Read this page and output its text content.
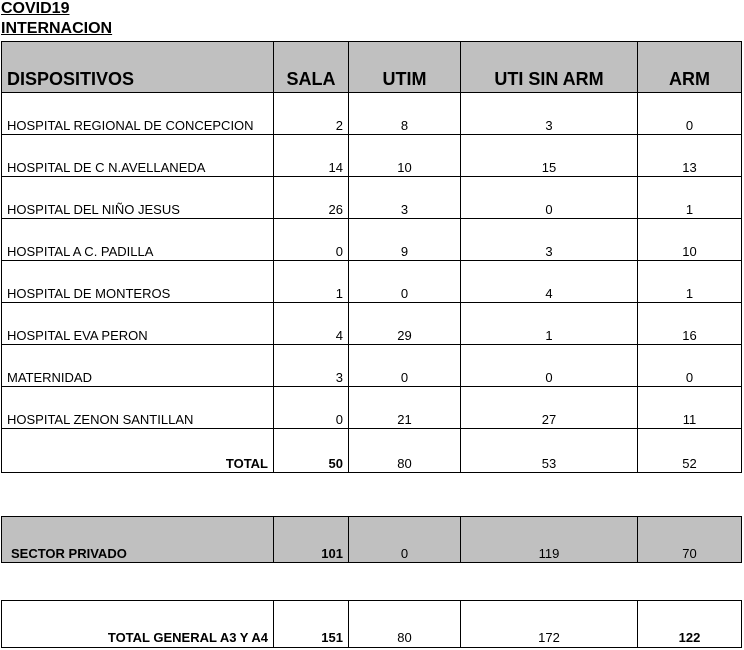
COVID19
INTERNACION
DISPOSITIVOS	SALA	UTIM	UTI SIN ARM	ARM
HOSPITAL REGIONAL DE CONCEPCION	2	8	3	0
HOSPITAL DE C N.AVELLANEDA	14	10	15	13
HOSPITAL DEL NIÑO JESUS	26	3	0	1
HOSPITAL A C. PADILLA	0	9	3	10
HOSPITAL DE MONTEROS	1	0	4	1
HOSPITAL EVA PERON	4	29	1	16
MATERNIDAD	3	0	0	0
HOSPITAL ZENON SANTILLAN	0	21	27	11
TOTAL	50	80	53	52
SECTOR PRIVADO	101	0	119	70
TOTAL GENERAL A3 Y A4	151	80	172	122
